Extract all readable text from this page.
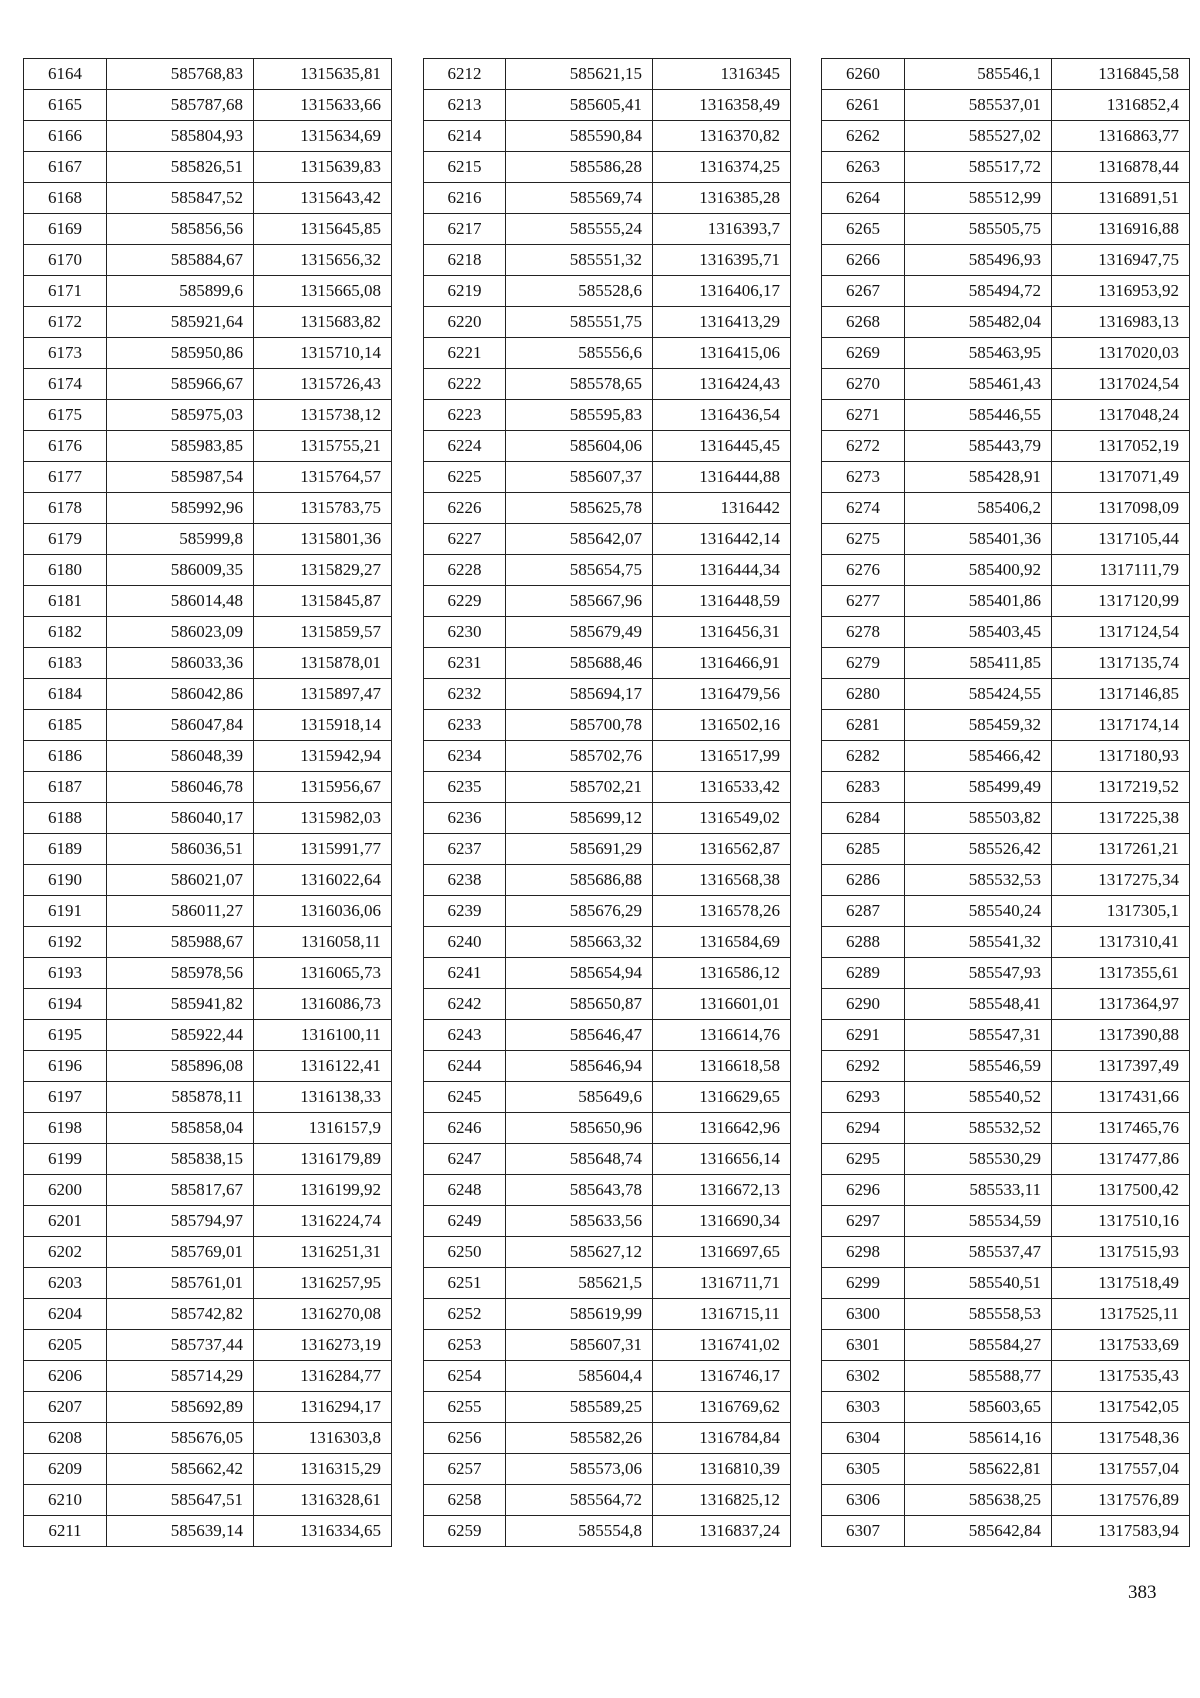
6164	585768,83	1315635,81
6165	585787,68	1315633,66
6166	585804,93	1315634,69
6167	585826,51	1315639,83
6168	585847,52	1315643,42
6169	585856,56	1315645,85
6170	585884,67	1315656,32
6171	585899,6	1315665,08
6172	585921,64	1315683,82
6173	585950,86	1315710,14
6174	585966,67	1315726,43
6175	585975,03	1315738,12
6176	585983,85	1315755,21
6177	585987,54	1315764,57
6178	585992,96	1315783,75
6179	585999,8	1315801,36
6180	586009,35	1315829,27
6181	586014,48	1315845,87
6182	586023,09	1315859,57
6183	586033,36	1315878,01
6184	586042,86	1315897,47
6185	586047,84	1315918,14
6186	586048,39	1315942,94
6187	586046,78	1315956,67
6188	586040,17	1315982,03
6189	586036,51	1315991,77
6190	586021,07	1316022,64
6191	586011,27	1316036,06
6192	585988,67	1316058,11
6193	585978,56	1316065,73
6194	585941,82	1316086,73
6195	585922,44	1316100,11
6196	585896,08	1316122,41
6197	585878,11	1316138,33
6198	585858,04	1316157,9
6199	585838,15	1316179,89
6200	585817,67	1316199,92
6201	585794,97	1316224,74
6202	585769,01	1316251,31
6203	585761,01	1316257,95
6204	585742,82	1316270,08
6205	585737,44	1316273,19
6206	585714,29	1316284,77
6207	585692,89	1316294,17
6208	585676,05	1316303,8
6209	585662,42	1316315,29
6210	585647,51	1316328,61
6211	585639,14	1316334,65
6212	585621,15	1316345
6213	585605,41	1316358,49
6214	585590,84	1316370,82
6215	585586,28	1316374,25
6216	585569,74	1316385,28
6217	585555,24	1316393,7
6218	585551,32	1316395,71
6219	585528,6	1316406,17
6220	585551,75	1316413,29
6221	585556,6	1316415,06
6222	585578,65	1316424,43
6223	585595,83	1316436,54
6224	585604,06	1316445,45
6225	585607,37	1316444,88
6226	585625,78	1316442
6227	585642,07	1316442,14
6228	585654,75	1316444,34
6229	585667,96	1316448,59
6230	585679,49	1316456,31
6231	585688,46	1316466,91
6232	585694,17	1316479,56
6233	585700,78	1316502,16
6234	585702,76	1316517,99
6235	585702,21	1316533,42
6236	585699,12	1316549,02
6237	585691,29	1316562,87
6238	585686,88	1316568,38
6239	585676,29	1316578,26
6240	585663,32	1316584,69
6241	585654,94	1316586,12
6242	585650,87	1316601,01
6243	585646,47	1316614,76
6244	585646,94	1316618,58
6245	585649,6	1316629,65
6246	585650,96	1316642,96
6247	585648,74	1316656,14
6248	585643,78	1316672,13
6249	585633,56	1316690,34
6250	585627,12	1316697,65
6251	585621,5	1316711,71
6252	585619,99	1316715,11
6253	585607,31	1316741,02
6254	585604,4	1316746,17
6255	585589,25	1316769,62
6256	585582,26	1316784,84
6257	585573,06	1316810,39
6258	585564,72	1316825,12
6259	585554,8	1316837,24
6260	585546,1	1316845,58
6261	585537,01	1316852,4
6262	585527,02	1316863,77
6263	585517,72	1316878,44
6264	585512,99	1316891,51
6265	585505,75	1316916,88
6266	585496,93	1316947,75
6267	585494,72	1316953,92
6268	585482,04	1316983,13
6269	585463,95	1317020,03
6270	585461,43	1317024,54
6271	585446,55	1317048,24
6272	585443,79	1317052,19
6273	585428,91	1317071,49
6274	585406,2	1317098,09
6275	585401,36	1317105,44
6276	585400,92	1317111,79
6277	585401,86	1317120,99
6278	585403,45	1317124,54
6279	585411,85	1317135,74
6280	585424,55	1317146,85
6281	585459,32	1317174,14
6282	585466,42	1317180,93
6283	585499,49	1317219,52
6284	585503,82	1317225,38
6285	585526,42	1317261,21
6286	585532,53	1317275,34
6287	585540,24	1317305,1
6288	585541,32	1317310,41
6289	585547,93	1317355,61
6290	585548,41	1317364,97
6291	585547,31	1317390,88
6292	585546,59	1317397,49
6293	585540,52	1317431,66
6294	585532,52	1317465,76
6295	585530,29	1317477,86
6296	585533,11	1317500,42
6297	585534,59	1317510,16
6298	585537,47	1317515,93
6299	585540,51	1317518,49
6300	585558,53	1317525,11
6301	585584,27	1317533,69
6302	585588,77	1317535,43
6303	585603,65	1317542,05
6304	585614,16	1317548,36
6305	585622,81	1317557,04
6306	585638,25	1317576,89
6307	585642,84	1317583,94
383
